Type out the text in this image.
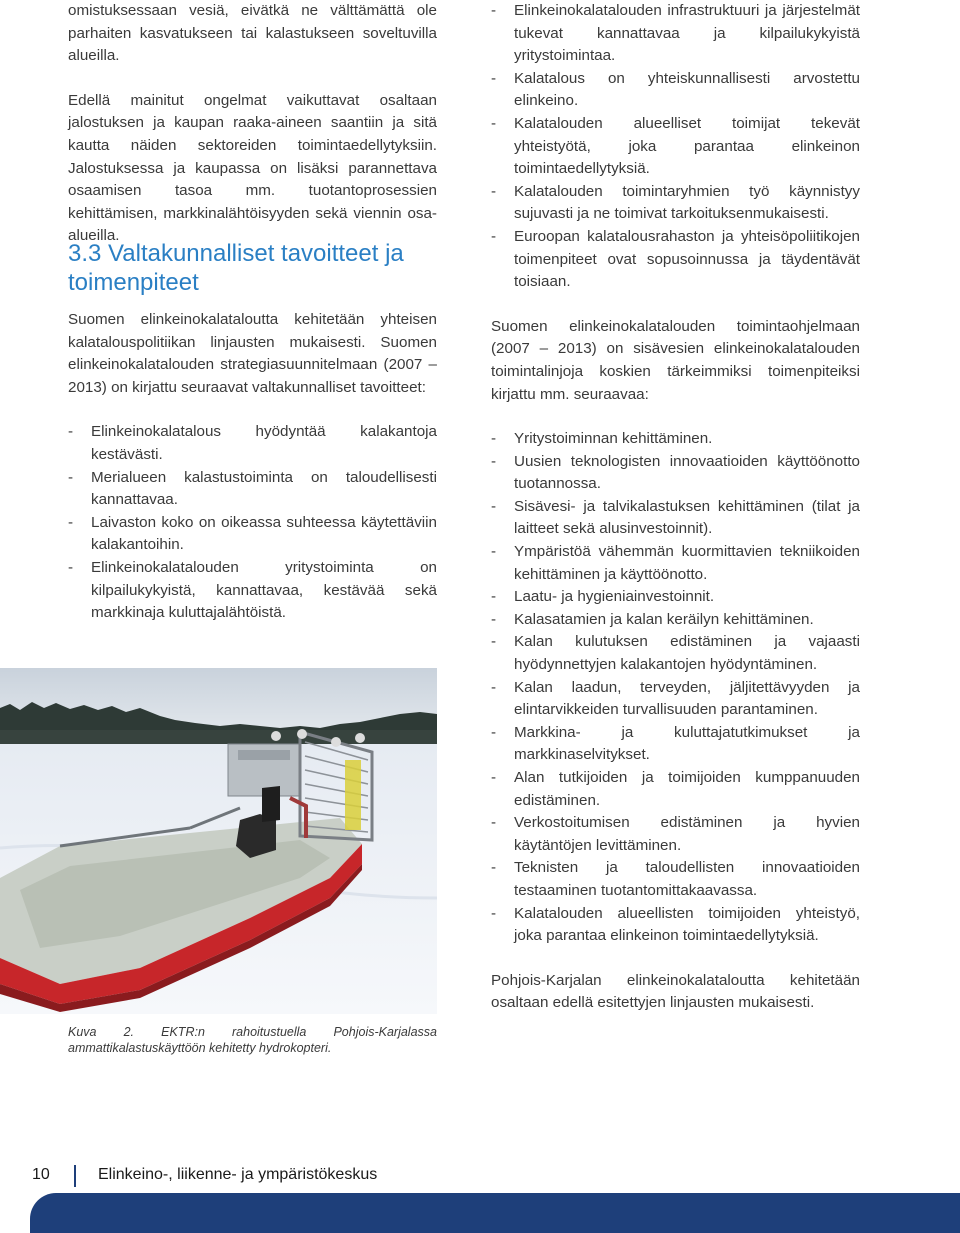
omistuksessaan vesiä, eivätkä ne välttämättä ole parhaiten kasvatukseen tai kalastukseen soveltuvilla alueilla.

Edellä mainitut ongelmat vaikuttavat osaltaan jalostuksen ja kaupan raaka-aineen saantiin ja sitä kautta näiden sektoreiden toimintaedellytyksiin. Jalostuksessa ja kaupassa on lisäksi parannettava osaamisen tasoa mm. tuotantoprosessien kehittämisen, markkinalähtöisyyden sekä viennin osa-alueilla.

3.3 Valtakunnalliset tavoitteet ja toimenpiteet

Suomen elinkeinokalataloutta kehitetään yhteisen kalatalouspolitiikan linjausten mukaisesti. Suomen elinkeinokalatalouden strategiasuunnitelmaan (2007 – 2013) on kirjattu seuraavat valtakunnalliset tavoitteet:

- Elinkeinokalatalous hyödyntää kalakantoja kestävästi.
- Merialueen kalastustoiminta on taloudellisesti kannattavaa.
- Laivaston koko on oikeassa suhteessa käytettäviin kalakantoihin.
- Elinkeinokalatalouden yritystoiminta on kilpailukykyistä, kannattavaa, kestävää sekä markkinaja kuluttajalähtöistä.
Kuva 2. EKTR:n rahoitustuella Pohjois-Karjalassa ammattikalastuskäyttöön kehitetty hydrokopteri.
- Elinkeinokalatalouden infrastruktuuri ja järjestelmät tukevat kannattavaa ja kilpailukykyistä yritystoimintaa.
- Kalatalous on yhteiskunnallisesti arvostettu elinkeino.
- Kalatalouden alueelliset toimijat tekevät yhteistyötä, joka parantaa elinkeinon toimintaedellytyksiä.
- Kalatalouden toimintaryhmien työ käynnistyy sujuvasti ja ne toimivat tarkoituksenmukaisesti.
- Euroopan kalatalousrahaston ja yhteisöpoliitikojen toimenpiteet ovat sopusoinnussa ja täydentävät toisiaan.

Suomen elinkeinokalatalouden toimintaohjelmaan (2007 – 2013) on sisävesien elinkeinokalatalouden toimintalinjoja koskien tärkeimmiksi toimenpiteiksi kirjattu mm. seuraavaa:

- Yritystoiminnan kehittäminen.
- Uusien teknologisten innovaatioiden käyttöönotto tuotannossa.
- Sisävesi- ja talvikalastuksen kehittäminen (tilat ja laitteet sekä alusinvestoinnit).
- Ympäristöä vähemmän kuormittavien tekniikoiden kehittäminen ja käyttöönotto.
- Laatu- ja hygieniainvestoinnit.
- Kalasatamien ja kalan keräilyn kehittäminen.
- Kalan kulutuksen edistäminen ja vajaasti hyödynnettyjen kalakantojen hyödyntäminen.
- Kalan laadun, terveyden, jäljitettävyyden ja elintarvikkeiden turvallisuuden parantaminen.
- Markkina- ja kuluttajatutkimukset ja markkinaselvitykset.
- Alan tutkijoiden ja toimijoiden kumppanuuden edistäminen.
- Verkostoitumisen edistäminen ja hyvien käytäntöjen levittäminen.
- Teknisten ja taloudellisten innovaatioiden testaaminen tuotantomittakaavassa.
- Kalatalouden alueellisten toimijoiden yhteistyö, joka parantaa elinkeinon toimintaedellytyksiä.

Pohjois-Karjalan elinkeinokalataloutta kehitetään osaltaan edellä esitettyjen linjausten mukaisesti.

10	Elinkeino-, liikenne- ja ympäristökeskus
